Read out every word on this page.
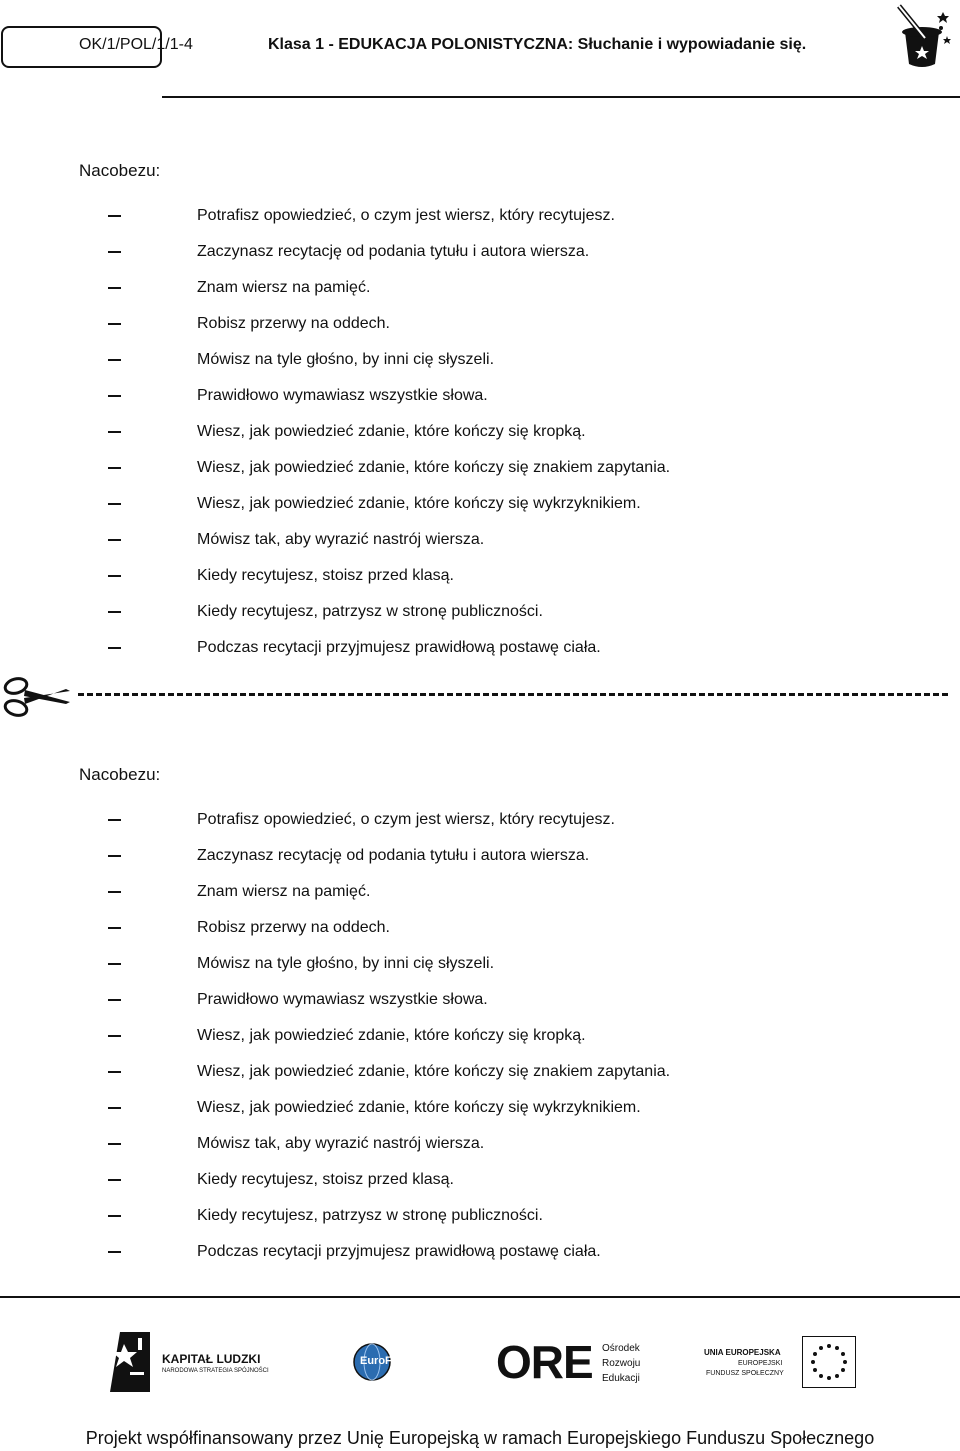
OK/1/POL/1/1-4	Klasa 1 - EDUKACJA POLONISTYCZNA: Słuchanie i wypowiadanie się.
Nacobezu:
Potrafisz opowiedzieć, o czym jest wiersz, który recytujesz.
Zaczynasz recytację od podania tytułu i autora wiersza.
Znam wiersz na pamięć.
Robisz przerwy na oddech.
Mówisz na tyle głośno, by inni cię słyszeli.
Prawidłowo wymawiasz wszystkie słowa.
Wiesz, jak powiedzieć zdanie, które kończy się kropką.
Wiesz, jak powiedzieć zdanie, które kończy się znakiem zapytania.
Wiesz, jak powiedzieć zdanie, które kończy się wykrzyknikiem.
Mówisz tak, aby wyrazić nastrój wiersza.
Kiedy recytujesz, stoisz przed klasą.
Kiedy recytujesz, patrzysz w stronę publiczności.
Podczas recytacji przyjmujesz prawidłową postawę ciała.
Nacobezu:
Potrafisz opowiedzieć, o czym jest wiersz, który recytujesz.
Zaczynasz recytację od podania tytułu i autora wiersza.
Znam wiersz na pamięć.
Robisz przerwy na oddech.
Mówisz na tyle głośno, by inni cię słyszeli.
Prawidłowo wymawiasz wszystkie słowa.
Wiesz, jak powiedzieć zdanie, które kończy się kropką.
Wiesz, jak powiedzieć zdanie, które kończy się znakiem zapytania.
Wiesz, jak powiedzieć zdanie, które kończy się wykrzyknikiem.
Mówisz tak, aby wyrazić nastrój wiersza.
Kiedy recytujesz, stoisz przed klasą.
Kiedy recytujesz, patrzysz w stronę publiczności.
Podczas recytacji przyjmujesz prawidłową postawę ciała.
KAPITAŁ LUDZKI
NARODOWA STRATEGIA SPÓJNOŚCI
EuroForum ORE Ośrodek
Rozwoju
Edukacji
UNIA EUROPEJSKA
EUROPEJSKI
FUNDUSZ SPOŁECZNY
Projekt współfinansowany przez Unię Europejską w ramach Europejskiego Funduszu Społecznego
